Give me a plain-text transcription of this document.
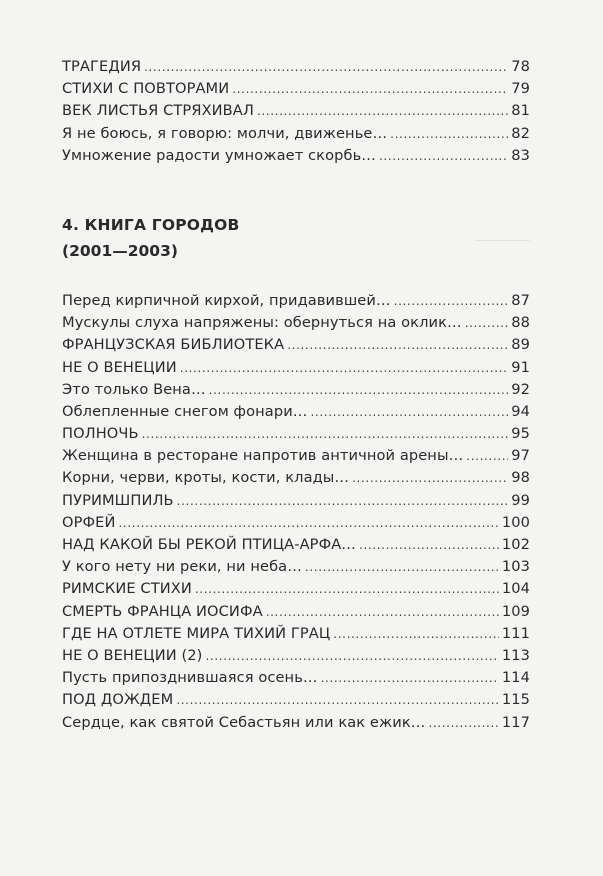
ТРАГЕДИЯ . . .	78
СТИХИ С ПОВТОРАМИ . . .	79
ВЕК ЛИСТЬЯ СТРЯХИВАЛ . . .	81
Я не боюсь, я говорю: молчи, движенье… . . .	82
Умножение радости умножает скорбь… . . .	83

4. КНИГА ГОРОДОВ

(2001—2003)

Перед кирпичной кирхой, придавившей… . . .	87
Мускулы слуха напряжены: обернуться на оклик… . . .	88
ФРАНЦУЗСКАЯ БИБЛИОТЕКА . . .	89
НЕ О ВЕНЕЦИИ . . .	91
Это только Вена… . . .	92
Облепленные снегом фонари… . . .	94
ПОЛНОЧЬ . . .	95
Женщина в ресторане напротив античной арены… . . .	97
Корни, черви, кроты, кости, клады… . . .	98
ПУРИМШПИЛЬ . . .	99
ОРФЕЙ . . .	100
НАД КАКОЙ БЫ РЕКОЙ ПТИЦА-АРФА… . . .	102
У кого нету ни реки, ни неба… . . .	103
РИМСКИЕ СТИХИ . . .	104
СМЕРТЬ ФРАНЦА ИОСИФА . . .	109
ГДЕ НА ОТЛЕТЕ МИРА ТИХИЙ ГРАЦ . . .	111
НЕ О ВЕНЕЦИИ (2) . . .	113
Пусть припозднившаяся осень… . . .	114
ПОД ДОЖДЕМ . . .	115
Сердце, как святой Себастьян или как ежик… . . .	117
